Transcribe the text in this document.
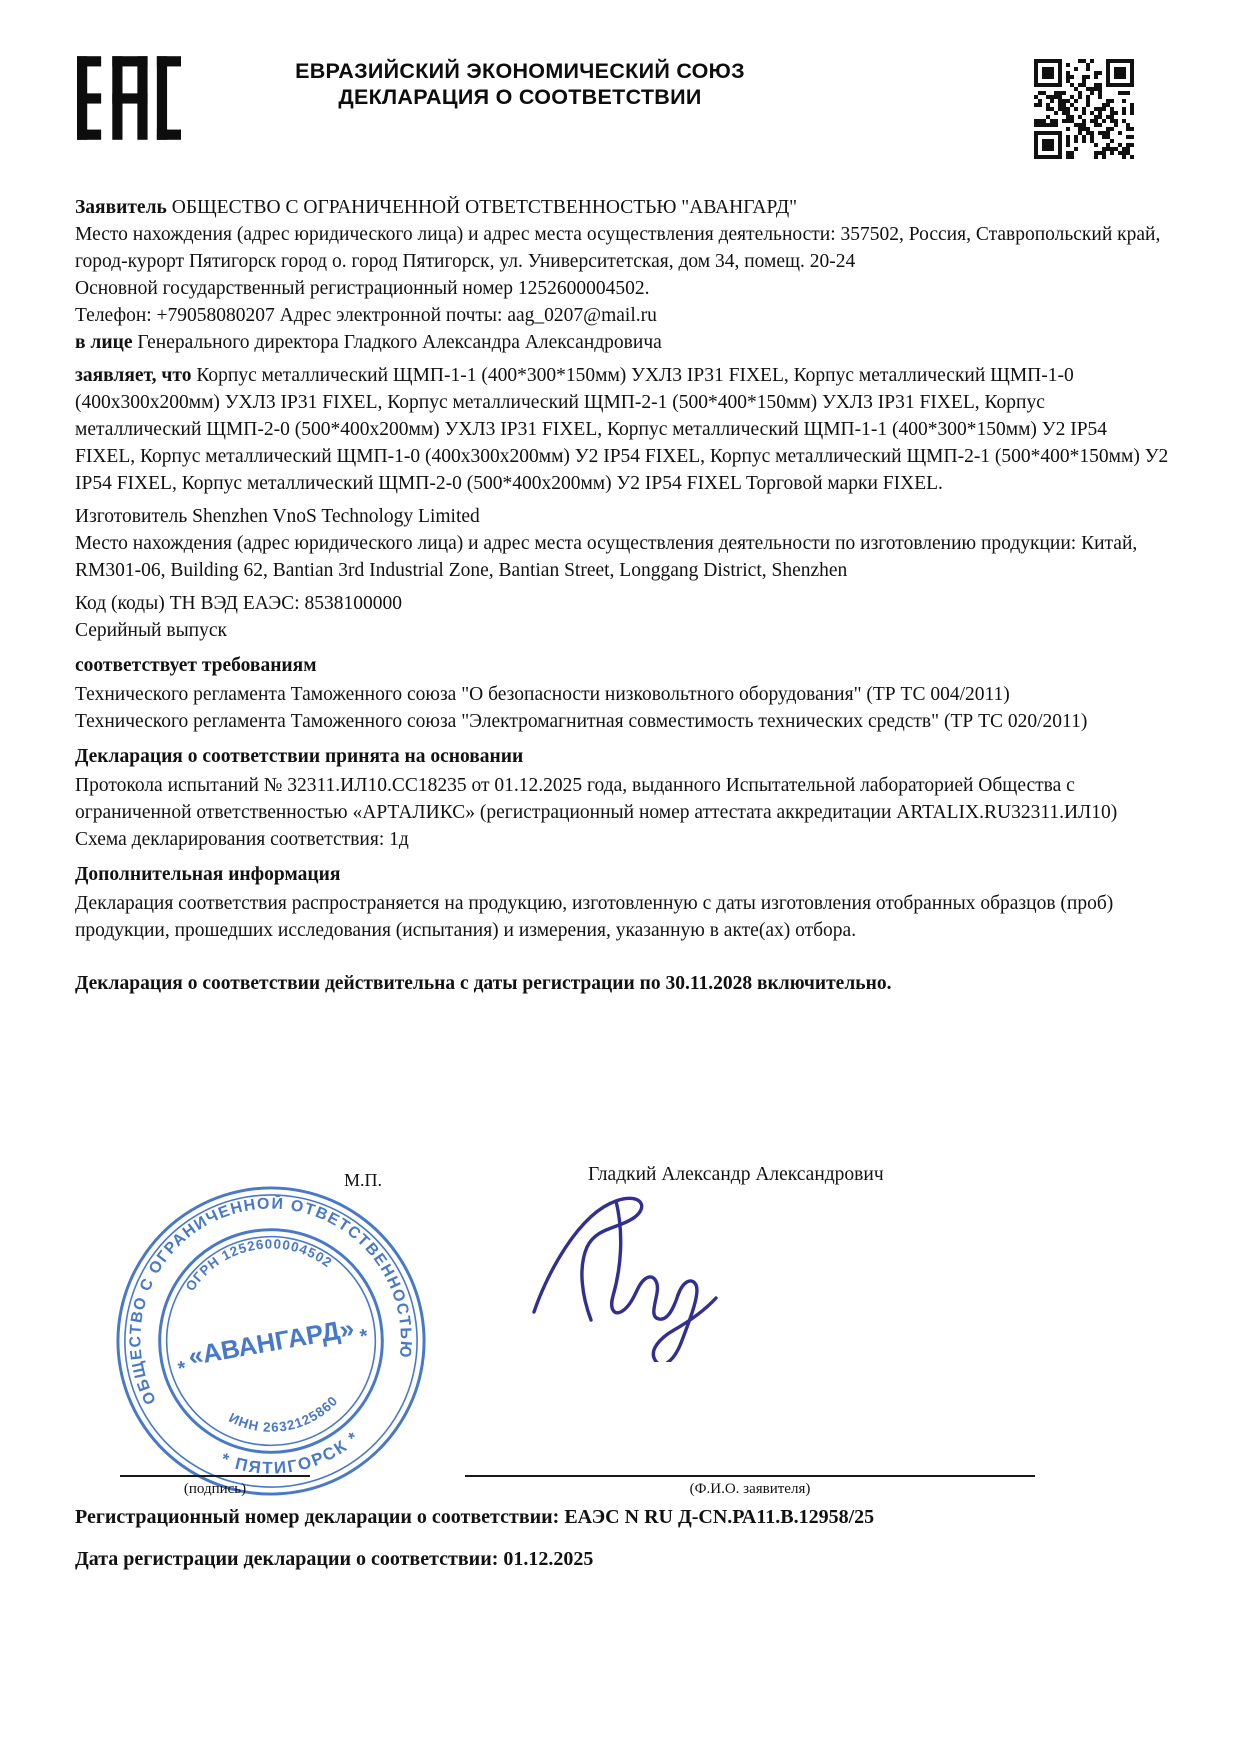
ЕВРАЗИЙСКИЙ ЭКОНОМИЧЕСКИЙ СОЮЗ
ДЕКЛАРАЦИЯ О СООТВЕТСТВИИ

Заявитель ОБЩЕСТВО С ОГРАНИЧЕННОЙ ОТВЕТСТВЕННОСТЬЮ "АВАНГАРД"

Место нахождения (адрес юридического лица) и адрес места осуществления деятельности: 357502, Россия, Ставропольский край, город-курорт Пятигорск город о. город Пятигорск, ул. Университетская, дом 34, помещ. 20-24

Основной государственный регистрационный номер 1252600004502.

Телефон: +79058080207 Адрес электронной почты: aag_0207@mail.ru

в лице Генерального директора Гладкого Александра Александровича

заявляет, что Корпус металлический ЩМП-1-1 (400*300*150мм) УХЛ3 IP31 FIXEL, Корпус металлический ЩМП-1-0 (400х300х200мм) УХЛ3 IP31 FIXEL, Корпус металлический ЩМП-2-1 (500*400*150мм) УХЛ3 IP31 FIXEL, Корпус металлический ЩМП-2-0 (500*400х200мм) УХЛ3 IP31 FIXEL, Корпус металлический ЩМП-1-1 (400*300*150мм) У2 IP54 FIXEL, Корпус металлический ЩМП-1-0 (400х300х200мм) У2 IP54 FIXEL, Корпус металлический ЩМП-2-1 (500*400*150мм) У2 IP54 FIXEL, Корпус металлический ЩМП-2-0 (500*400х200мм) У2 IP54 FIXEL Торговой марки FIXEL.

Изготовитель Shenzhen VnoS Technology Limited

Место нахождения (адрес юридического лица) и адрес места осуществления деятельности по изготовлению продукции: Китай, RM301-06, Building 62, Bantian 3rd Industrial Zone, Bantian Street, Longgang District, Shenzhen

Код (коды) ТН ВЭД ЕАЭС: 8538100000

Серийный выпуск

соответствует требованиям

Технического регламента Таможенного союза "О безопасности низковольтного оборудования" (ТР ТС 004/2011)

Технического регламента Таможенного союза "Электромагнитная совместимость технических средств" (ТР ТС 020/2011)

Декларация о соответствии принята на основании

Протокола испытаний № 32311.ИЛ10.СС18235 от 01.12.2025 года, выданного Испытательной лабораторией Общества с ограниченной ответственностью «АРТАЛИКС» (регистрационный номер аттестата аккредитации ARTALIX.RU32311.ИЛ10)

Схема декларирования соответствия: 1д

Дополнительная информация

Декларация соответствия распространяется на продукцию, изготовленную с даты изготовления отобранных образцов (проб) продукции, прошедших исследования (испытания) и измерения, указанную в акте(ах) отбора.

Декларация о соответствии действительна с даты регистрации по 30.11.2028 включительно.

М.П.	Гладкий Александр Александрович
ОБЩЕСТВО С ОГРАНИЧЕННОЙ ОТВЕТСТВЕННОСТЬЮ
* ПЯТИГОРСК *
ОГРН 1252600004502
ИНН 2632125860
«АВАНГАРД»
*
*
(подпись)	(Ф.И.О. заявителя)
Регистрационный номер декларации о соответствии: ЕАЭС N RU Д-CN.РА11.В.12958/25
Дата регистрации декларации о соответствии: 01.12.2025
